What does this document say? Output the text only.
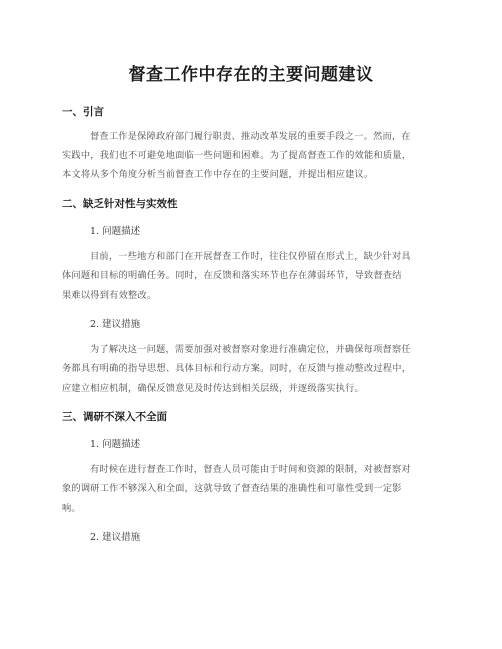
督查工作中存在的主要问题建议
一、引言
督查工作是保障政府部门履行职责、推动改革发展的重要手段之一。然而，在
实践中，我们也不可避免地面临一些问题和困难。为了提高督查工作的效能和质量，
本文将从多个角度分析当前督查工作中存在的主要问题，并提出相应建议。
二、缺乏针对性与实效性
1. 问题描述
目前，一些地方和部门在开展督查工作时，往往仅停留在形式上，缺少针对具
体问题和目标的明确任务。同时，在反馈和落实环节也存在薄弱环节，导致督查结
果难以得到有效整改。
2. 建议措施
为了解决这一问题，需要加强对被督察对象进行准确定位，并确保每项督察任
务都具有明确的指导思想、具体目标和行动方案。同时，在反馈与推动整改过程中，
应建立相应机制，确保反馈意见及时传达到相关层级，并逐级落实执行。
三、调研不深入不全面
1. 问题描述
有时候在进行督查工作时，督查人员可能由于时间和资源的限制，对被督察对
象的调研工作不够深入和全面，这就导致了督查结果的准确性和可靠性受到一定影
响。
2. 建议措施
